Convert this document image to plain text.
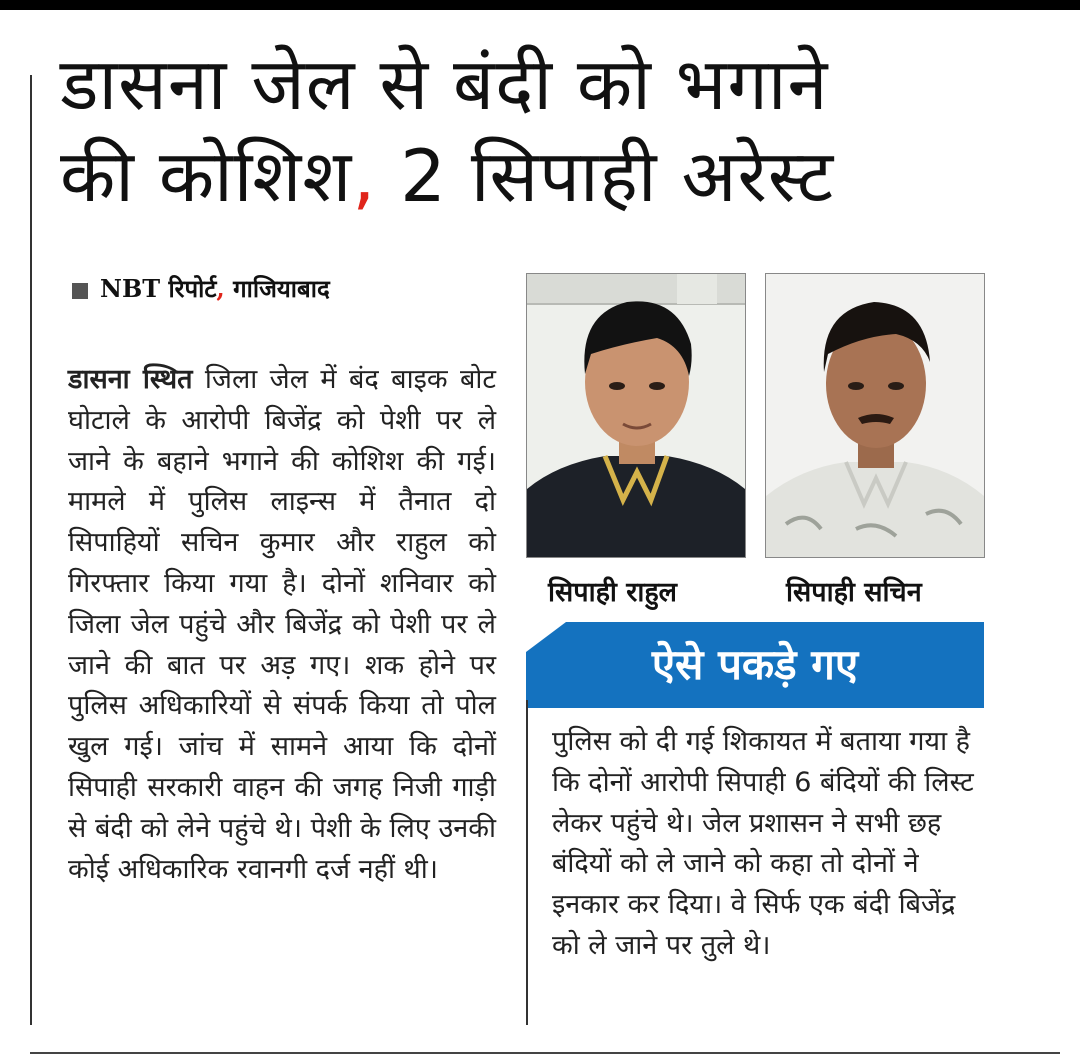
डासना जेल से बंदी को भगाने
की कोशिश, 2 सिपाही अरेस्ट
NBT रिपोर्ट, गाजियाबाद

डासना स्थित जिला जेल में बंद बाइक बोट घोटाले के आरोपी बिजेंद्र को पेशी पर ले जाने के बहाने भगाने की कोशिश की गई। मामले में पुलिस लाइन्स में तैनात दो सिपाहियों सचिन कुमार और राहुल को गिरफ्तार किया गया है। दोनों शनिवार को जिला जेल पहुंचे और बिजेंद्र को पेशी पर ले जाने की बात पर अड़ गए। शक होने पर पुलिस अधिकारियों से संपर्क किया तो पोल खुल गई। जांच में सामने आया कि दोनों सिपाही सरकारी वाहन की जगह निजी गाड़ी से बंदी को लेने पहुंचे थे। पेशी के लिए उनकी कोई अधिकारिक रवानगी दर्ज नहीं थी।

सिपाही राहुल	सिपाही सचिन
ऐसे पकड़े गए

पुलिस को दी गई शिकायत में बताया गया है कि दोनों आरोपी सिपाही 6 बंदियों की लिस्ट लेकर पहुंचे थे। जेल प्रशासन ने सभी छह बंदियों को ले जाने को कहा तो दोनों ने इनकार कर दिया। वे सिर्फ एक बंदी बिजेंद्र को ले जाने पर तुले थे।
